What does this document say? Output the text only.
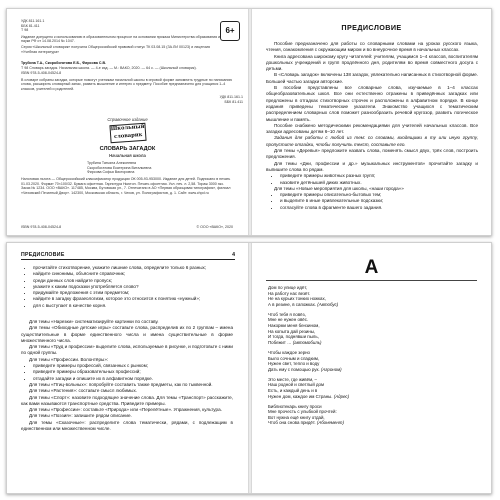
УДК 811.161.1
ББК 81.411
Т 98
Издание допущено к использованию в образовательном процессе на основании приказа Министерства образования и науки РФ от 14.08.2014 № 1047.
Серия «Школьный словарик» получила Общероссийский правовой статус ТК 03.08.15 (ЗА.ЛИ 00123) и лицензия «Учебная литература»
6+
Трубина Т.А., Скоробогатова Е.Б., Фирсова С.В.
Т 98 Словарь загадок. Начальная школа. — 4-е изд. — М.: ВАКО, 2020. — 64 с. — (Школьный словарик).
ISBN 978-5-408-04524-8
В словаре собраны загадки, которые помогут ученикам начальной школы в игровой форме запомнить трудные по написанию слова, расширить словарный запас, развить мышление и интерес к предмету. Пособие предназначено для учащихся 1–4 классов, учителей и родителей.
УДК 811.161.1
ББК 81.411
Справочное издание
Школьный
словарик
СЛОВАРЬ ЗАГАДОК
Начальная школа
Трубина Татьяна Алексеевна
Скоробогатова Екатерина Витальевна
Фирсова Софья Викторовна
Налоговая льгота — Общероссийский классификатор продукции ОК 005-93-953000. Издание для детей. Подписано в печать 01.03.2020. Формат 70×100/32. Бумага офсетная. Гарнитура Ньютон. Печать офсетная. Усл. печ. л. 2,58. Тираж 3000 экз. Заказ № 1234. ООО «ВАКО». 117485, Москва, Бутовская ул., 7. Отпечатано в АО «Первая образцовая типография», филиал «Чеховский Печатный Двор». 142300, Московская область, г. Чехов, ул. Полиграфистов, д. 1. Сайт: www.chpd.ru
ISBN 978-5-408-04524-8	© ООО «ВАКО», 2020
ПРЕДИСЛОВИЕ

Пособие предназначено для работы со словарными словами на уроках русского языка, чтения, ознакомления с окружающим миром и во внеурочное время в начальных классах.

Книга адресована широкому кругу читателей: учителям, учащимся 1–4 классов, воспитателям дошкольных учреждений и групп продлённого дня, родителям во время совместного досуга с детьми.

В «Словарь загадок» включены 138 загадок, увлекательно написанных в стихотворной форме. Большей частью загадки авторские.

В пособии представлены все словарные слова, изучаемые в 1–4 классах общеобразовательных школ. Все они естественно отражены в приведённых загадках или предложены в отгадках стихотворных строчек и расположены в алфавитном порядке. В конце издания приведены тематические указатели. Знакомство учащихся с тематическим распределением словарных слов поможет разнообразить речевой кругозор, развить логическое мышление и память.

Пособие снабжено методическими рекомендациями для учителей начальных классов. Все загадки адресованы детям 6–10 лет.

Задания для работы с любой из тем: со словами, входящими в ту или иную группу, пропустите отгадки, чтобы получить текст, составьте его.

Для темы «Деревья» предложите назвать слова, поменять смысл двух, трёх слов, построить предложения.

Для темы «Дни, профессии и др.» музыкальных инструментов» прочитайте загадку и выпишите слова по рядам.

• приведите примеры животных разных групп;
• назовите детёнышей диких животных.

Для темы «Новые мероприятия для школы, «наши города»»

• приведите примеры описательно-бытовых тем;
• и выделите в иные привлекательные подсказки;
• согласуйте слова в фрагменте вашего задания.
ПРЕДИСЛОВИЕ	4
• прочитайте стихотворение, укажите лишние слова, определите только 6 разных;
• найдите синонимы, объясните справочник;
• среди данных слов найдите пропуск;
• укажите к каким подсказки употребляется слово?
• придумайте предложения с этим предметом;
• найдите в загадку фразеологизм, которое это относится к понятию «нужный»;
• для с выступает в качестве корня.

Для темы «Нарезки» систематизируйте картинки по составу.

Для темы «Обиходные детские игры» составьте слова, распределив их по 2 группам – имена существительные в форме единственного числа и имена существительные в форме множественного числа.

Для темы «Труд и профессии» выделите слова, используемые в рисунке, и подготовьте с ними по одной группы.

Для темы «Профессии. Волонтёры»:

• приведите примеры профессий, связанных с рынком;
• приведите примеры образовательных профессий;
• отгадайте загадки и опишите их в алфавитном порядке.

Для темы «Птиц-вольных»: попробуйте составить также предметы, как по тыквенной.

Для темы «Растения»: составьте смысл любимых.

Для темы «Спорт»: назовите подходящее значение слова. Для темы «Транспорт» расскажите, как вами называются транспортные средства. Приведите примеры.

Для темы «Профессии»: составьте «Природа» или «Перелётные». Упражнения, культура.

Для темы «Поэзия»: запишите рядом описание.

Для темы «Сказочные»: распределите слова тематически, рядами, с подлежащим в единственном или множественном числе.

А
Дом по улице идёт,
На работу нас везёт.
Не на курьих тонких ножках,
А в резине, в сапожках. (Автобус)
Чтоб тебя я повёз,
Мне не нужен овёс.
Накорми меня бензином,
На копыта дай резины,
И тогда, поднявши пыль,
Побежит … (автомобиль)
Чтобы каждое зерно
Было сочным и сладким,
Нужен свет, тепло и воду
Дать ему с помощью рук. (Агроном)
Это месте, где живём, –
Наш родной и светлый дом
Есть, и каждый день и в
Нужен дом, каждое им Страны. (Адрес)
Библиотекарь книгу проси
Мне прочесть с улыбкой прочтей:
Вот нужна ещё книгу отдай,
Чтоб она снова придёт. (Абонемент)
